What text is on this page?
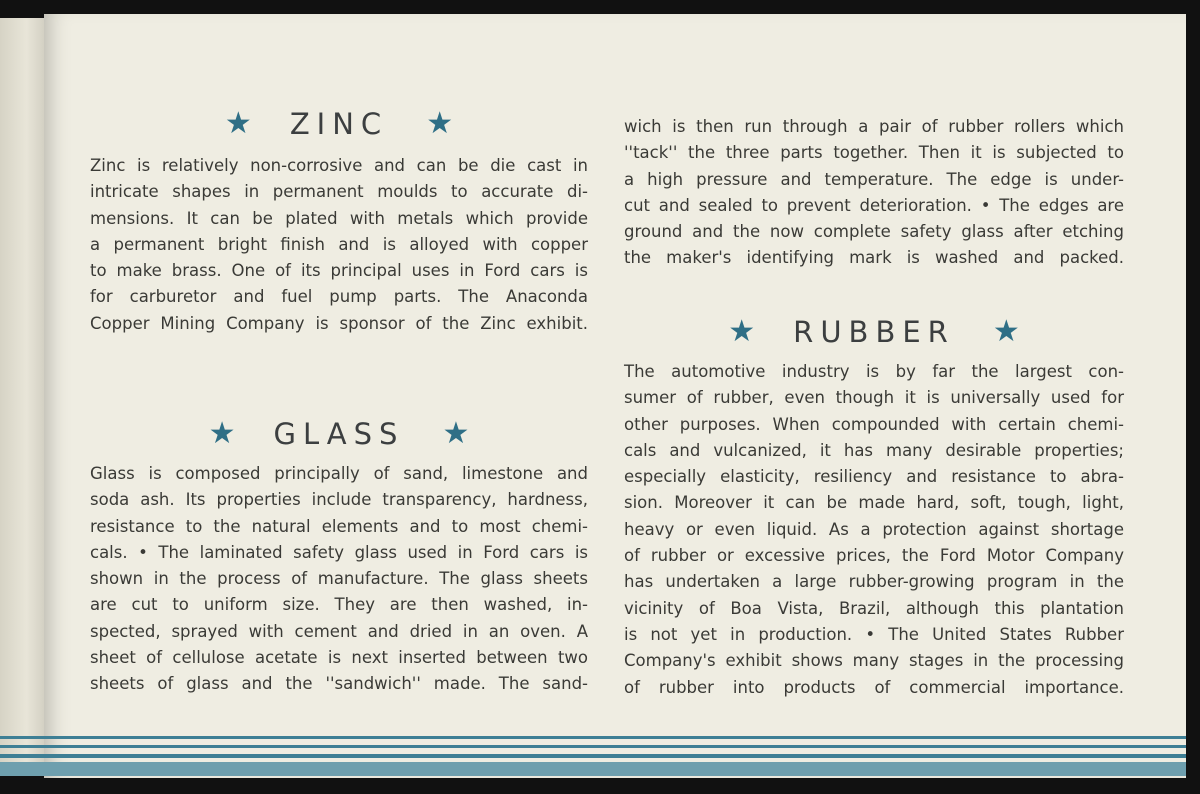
★ ZINC ★

Zinc is relatively non-corrosive and can be die cast in
intricate shapes in permanent moulds to accurate di-
mensions. It can be plated with metals which provide
a permanent bright finish and is alloyed with copper
to make brass. One of its principal uses in Ford cars is
for carburetor and fuel pump parts. The Anaconda
Copper Mining Company is sponsor of the Zinc exhibit.

★ GLASS ★

Glass is composed principally of sand, limestone and
soda ash. Its properties include transparency, hardness,
resistance to the natural elements and to most chemi-
cals. • The laminated safety glass used in Ford cars is
shown in the process of manufacture. The glass sheets
are cut to uniform size. They are then washed, in-
spected, sprayed with cement and dried in an oven. A
sheet of cellulose acetate is next inserted between two
sheets of glass and the ''sandwich'' made. The sand-

wich is then run through a pair of rubber rollers which
''tack'' the three parts together. Then it is subjected to
a high pressure and temperature. The edge is under-
cut and sealed to prevent deterioration. • The edges are
ground and the now complete safety glass after etching
the maker's identifying mark is washed and packed.

★ RUBBER ★

The automotive industry is by far the largest con-
sumer of rubber, even though it is universally used for
other purposes. When compounded with certain chemi-
cals and vulcanized, it has many desirable properties;
especially elasticity, resiliency and resistance to abra-
sion. Moreover it can be made hard, soft, tough, light,
heavy or even liquid. As a protection against shortage
of rubber or excessive prices, the Ford Motor Company
has undertaken a large rubber-growing program in the
vicinity of Boa Vista, Brazil, although this plantation
is not yet in production. • The United States Rubber
Company's exhibit shows many stages in the processing
of rubber into products of commercial importance.
